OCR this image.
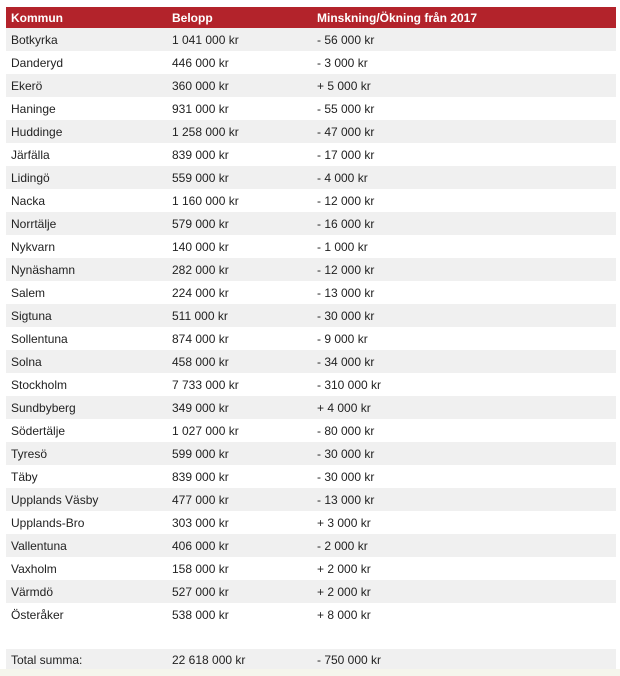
Kommun	Belopp	Minskning/Ökning från 2017
Botkyrka	1 041 000 kr	- 56 000 kr
Danderyd	446 000 kr	- 3 000 kr
Ekerö	360 000 kr	+ 5 000 kr
Haninge	931 000 kr	- 55 000 kr
Huddinge	1 258 000 kr	- 47 000 kr
Järfälla	839 000 kr	- 17 000 kr
Lidingö	559 000 kr	- 4 000 kr
Nacka	1 160 000 kr	- 12 000 kr
Norrtälje	579 000 kr	- 16 000 kr
Nykvarn	140 000 kr	- 1 000 kr
Nynäshamn	282 000 kr	- 12 000 kr
Salem	224 000 kr	- 13 000 kr
Sigtuna	511 000 kr	- 30 000 kr
Sollentuna	874 000 kr	- 9 000 kr
Solna	458 000 kr	- 34 000 kr
Stockholm	7 733 000 kr	- 310 000 kr
Sundbyberg	349 000 kr	+ 4 000 kr
Södertälje	1 027 000 kr	- 80 000 kr
Tyresö	599 000 kr	- 30 000 kr
Täby	839 000 kr	- 30 000 kr
Upplands Väsby	477 000 kr	- 13 000 kr
Upplands-Bro	303 000 kr	+ 3 000 kr
Vallentuna	406 000 kr	- 2 000 kr
Vaxholm	158 000 kr	+ 2 000 kr
Värmdö	527 000 kr	+ 2 000 kr
Österåker	538 000 kr	+ 8 000 kr
Total summa:	22 618 000 kr	- 750 000 kr
